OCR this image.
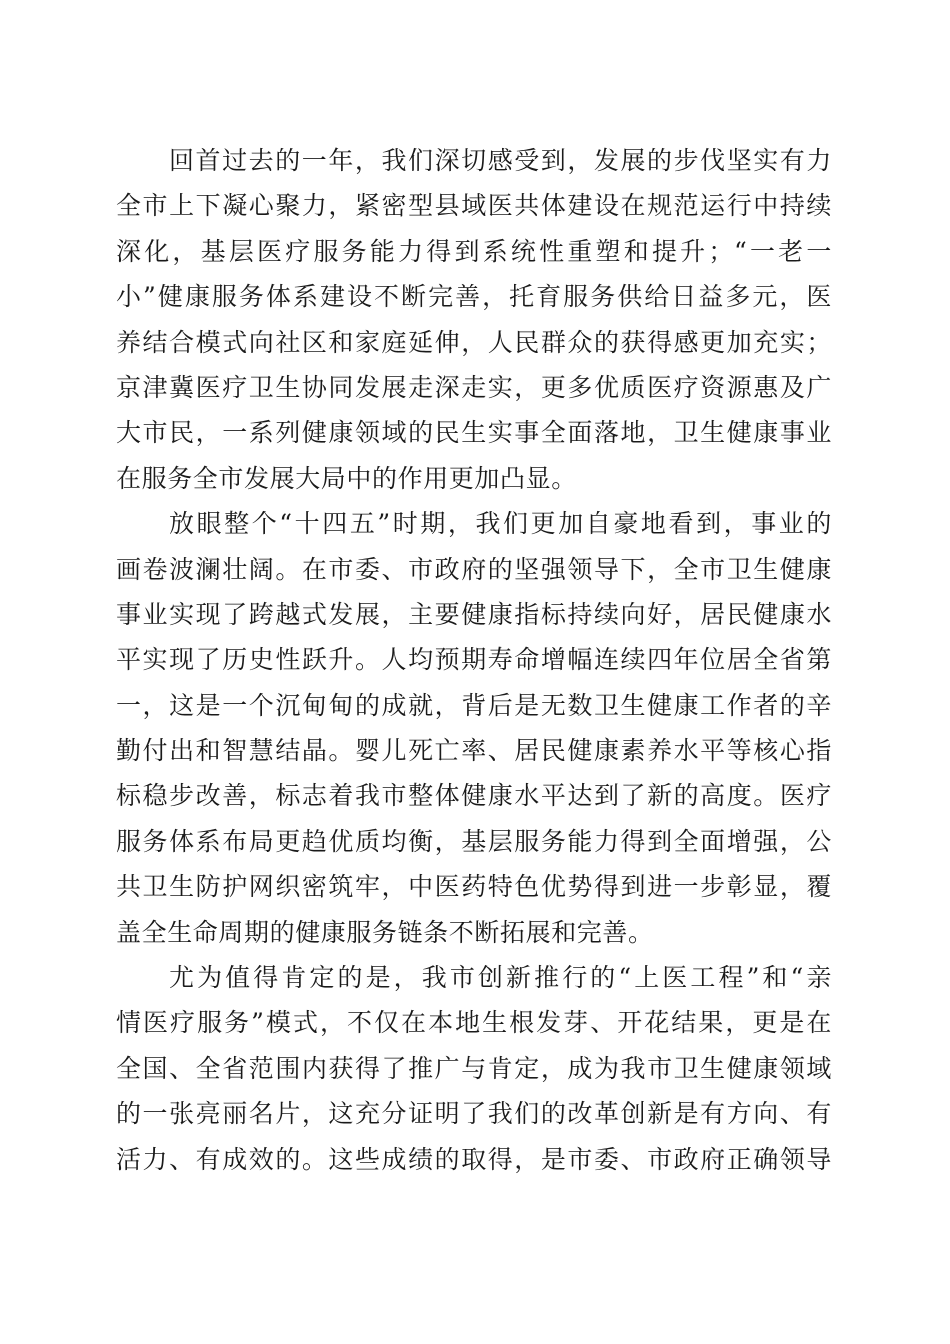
回首过去的一年，我们深切感受到，发展的步伐坚实有力
全市上下凝心聚力，紧密型县域医共体建设在规范运行中持续
深化，基层医疗服务能力得到系统性重塑和提升；“一老一
小”健康服务体系建设不断完善，托育服务供给日益多元，医
养结合模式向社区和家庭延伸，人民群众的获得感更加充实；
京津冀医疗卫生协同发展走深走实，更多优质医疗资源惠及广
大市民，一系列健康领域的民生实事全面落地，卫生健康事业
在服务全市发展大局中的作用更加凸显。
放眼整个“十四五”时期，我们更加自豪地看到，事业的
画卷波澜壮阔。在市委、市政府的坚强领导下，全市卫生健康
事业实现了跨越式发展，主要健康指标持续向好，居民健康水
平实现了历史性跃升。人均预期寿命增幅连续四年位居全省第
一，这是一个沉甸甸的成就，背后是无数卫生健康工作者的辛
勤付出和智慧结晶。婴儿死亡率、居民健康素养水平等核心指
标稳步改善，标志着我市整体健康水平达到了新的高度。医疗
服务体系布局更趋优质均衡，基层服务能力得到全面增强，公
共卫生防护网织密筑牢，中医药特色优势得到进一步彰显，覆
盖全生命周期的健康服务链条不断拓展和完善。
尤为值得肯定的是，我市创新推行的“上医工程”和“亲
情医疗服务”模式，不仅在本地生根发芽、开花结果，更是在
全国、全省范围内获得了推广与肯定，成为我市卫生健康领域
的一张亮丽名片，这充分证明了我们的改革创新是有方向、有
活力、有成效的。这些成绩的取得，是市委、市政府正确领导
